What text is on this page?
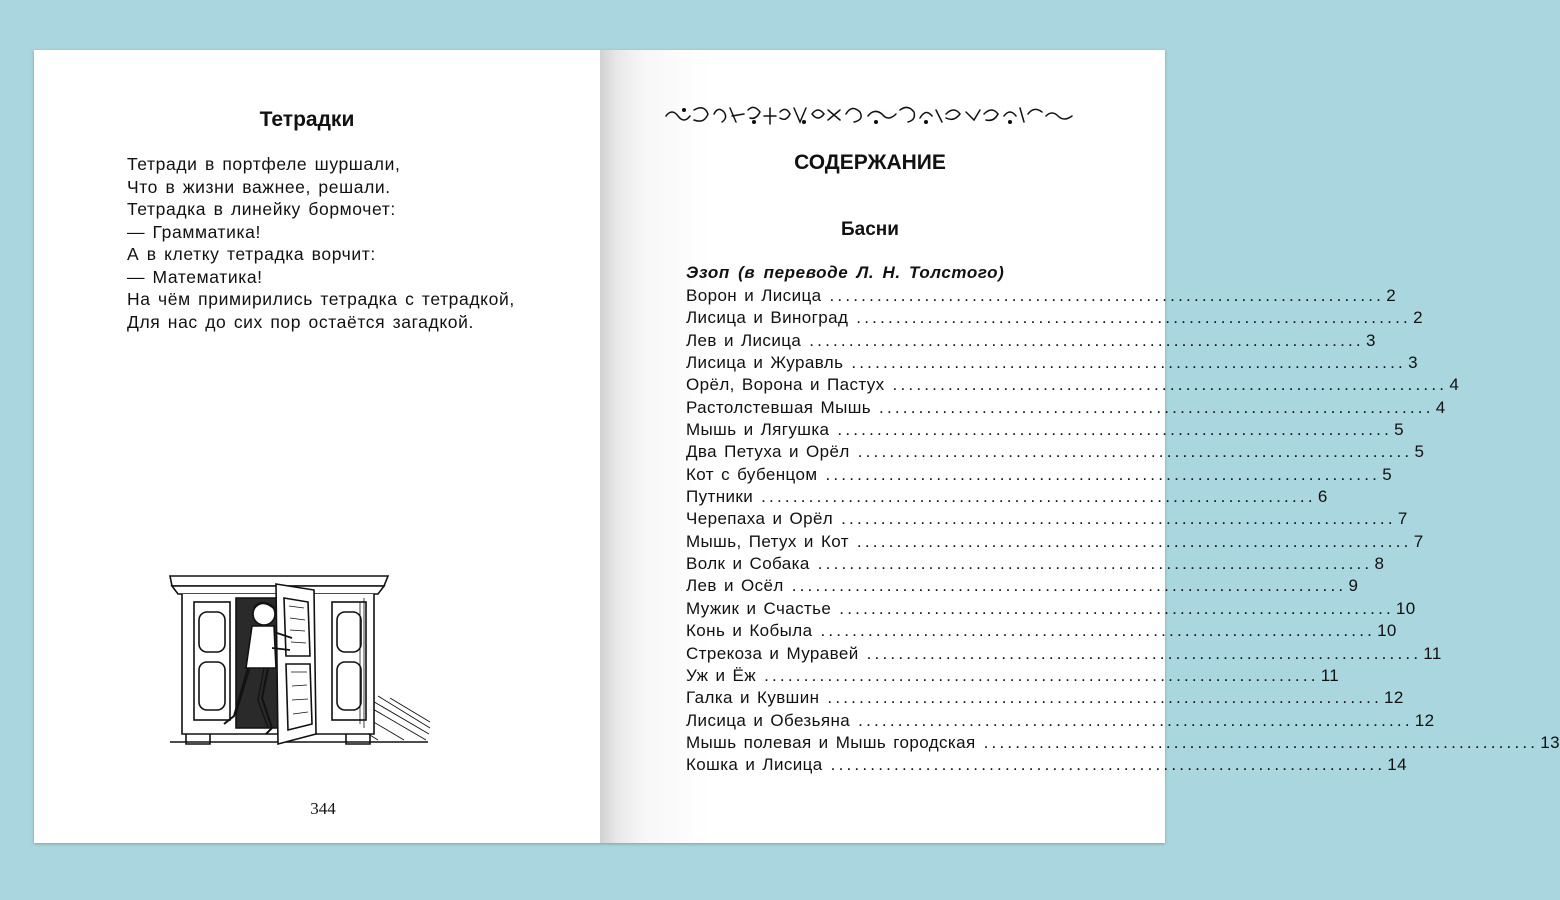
Тетрадки
Тетради в портфеле шуршали,
Что в жизни важнее, решали.
Тетрадка в линейку бормочет:
— Грамматика!
А в клетку тетрадка ворчит:
— Математика!
На чём примирились тетрадка с тетрадкой,
Для нас до сих пор остаётся загадкой.
344
СОДЕРЖАНИЕ
Басни
Эзоп (в переводе Л. Н. Толстого)
Ворон и Лисица ...................................................................... 2
Лисица и Виноград ...................................................................... 2
Лев и Лисица ...................................................................... 3
Лисица и Журавль ...................................................................... 3
Орёл, Ворона и Пастух ...................................................................... 4
Растолстевшая Мышь ...................................................................... 4
Мышь и Лягушка ...................................................................... 5
Два Петуха и Орёл ...................................................................... 5
Кот с бубенцом ...................................................................... 5
Путники ...................................................................... 6
Черепаха и Орёл ...................................................................... 7
Мышь, Петух и Кот ...................................................................... 7
Волк и Собака ...................................................................... 8
Лев и Осёл ...................................................................... 9
Мужик и Счастье ...................................................................... 10
Конь и Кобыла ...................................................................... 10
Стрекоза и Муравей ...................................................................... 11
Уж и Ёж ...................................................................... 11
Галка и Кувшин ...................................................................... 12
Лисица и Обезьяна ...................................................................... 12
Мышь полевая и Мышь городская ...................................................................... 13
Кошка и Лисица ...................................................................... 14
